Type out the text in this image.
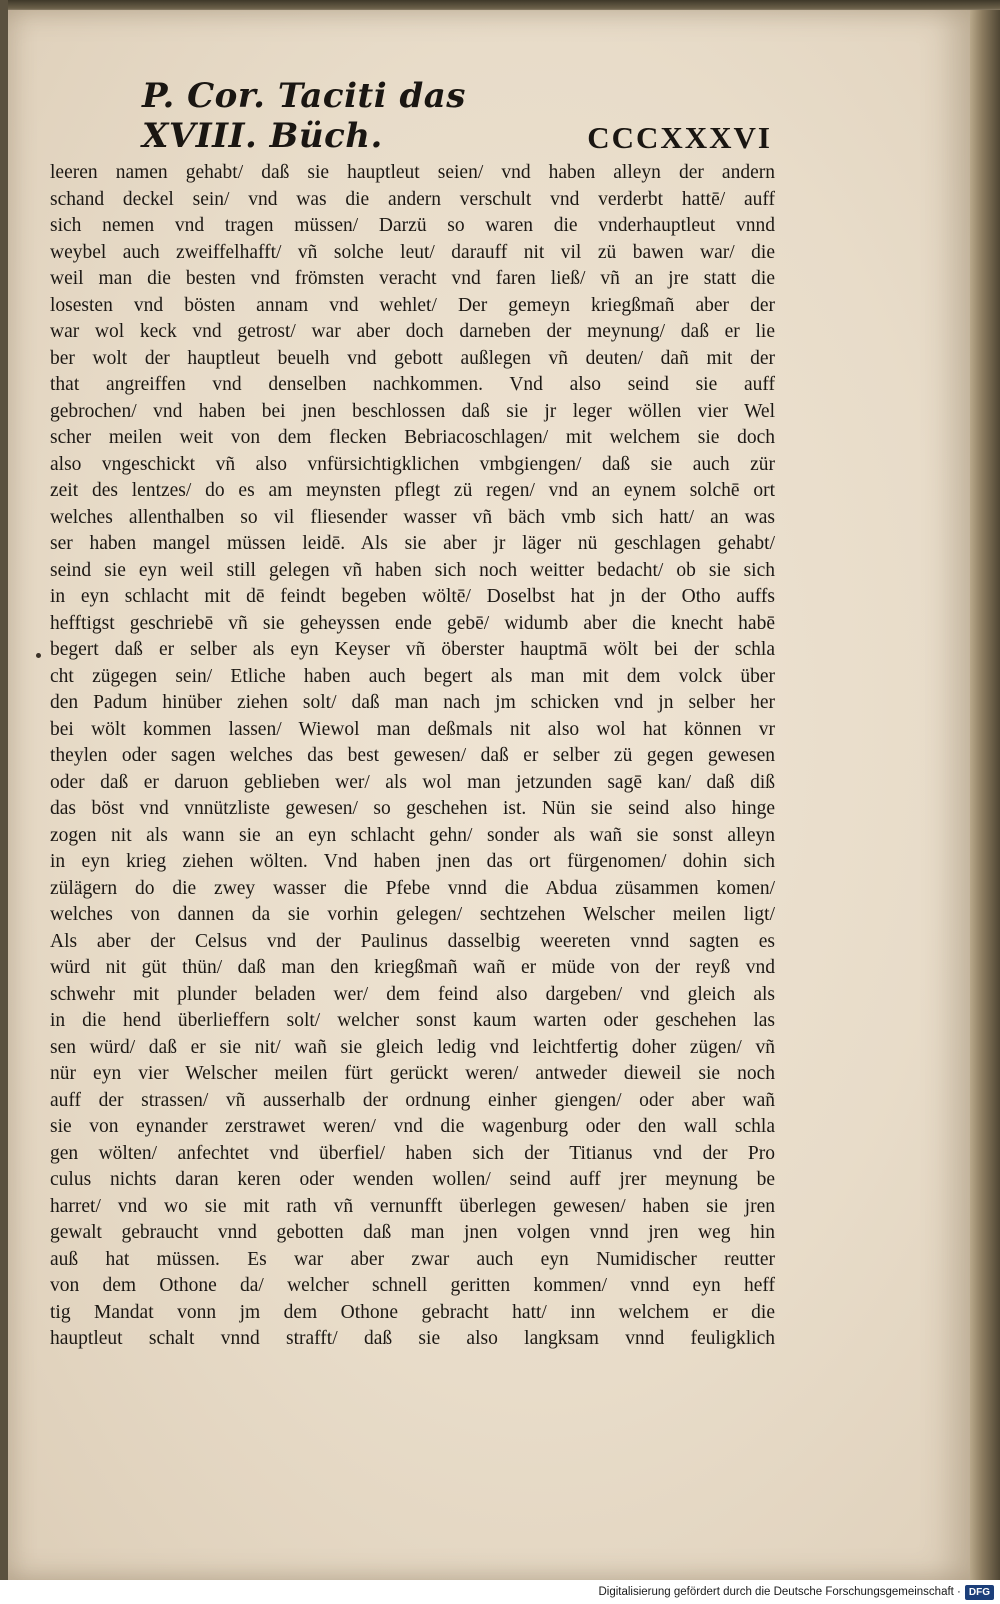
P. Cor. Taciti das XVIII. Büch.	CCCXXXVI
leeren namen gehabt/ daß sie hauptleut seien/ vnd haben alleyn der andern
schand deckel sein/ vnd was die andern verschult vnd verderbt hattē/ auff
sich nemen vnd tragen müssen/ Darzü so waren die vnderhauptleut vnnd
weybel auch zweiffelhafft/ vñ solche leut/ darauff nit vil zü bawen war/ die
weil man die besten vnd frömsten veracht vnd faren ließ/ vñ an jre statt die
losesten vnd bösten annam vnd wehlet/ Der gemeyn kriegßmañ aber der
war wol keck vnd getrost/ war aber doch darneben der meynung/ daß er lie
ber wolt der hauptleut beuelh vnd gebott außlegen vñ deuten/ dañ mit der
that angreiffen vnd denselben nachkommen. Vnd also seind sie auff
gebrochen/ vnd haben bei jnen beschlossen daß sie jr leger wöllen vier Wel
scher meilen weit von dem flecken Bebriacoschlagen/ mit welchem sie doch
also vngeschickt vñ also vnfürsichtigklichen vmbgiengen/ daß sie auch zür
zeit des lentzes/ do es am meynsten pflegt zü regen/ vnd an eynem solchē ort
welches allenthalben so vil fliesender wasser vñ bäch vmb sich hatt/ an was
ser haben mangel müssen leidē. Als sie aber jr läger nü geschlagen gehabt/
seind sie eyn weil still gelegen vñ haben sich noch weitter bedacht/ ob sie sich
in eyn schlacht mit dē feindt begeben wöltē/ Doselbst hat jn der Otho auffs
hefftigst geschriebē vñ sie geheyssen ende gebē/ widumb aber die knecht habē
begert daß er selber als eyn Keyser vñ öberster hauptmā wölt bei der schla
cht zügegen sein/ Etliche haben auch begert als man mit dem volck über
den Padum hinüber ziehen solt/ daß man nach jm schicken vnd jn selber her
bei wölt kommen lassen/ Wiewol man deßmals nit also wol hat können vr
theylen oder sagen welches das best gewesen/ daß er selber zü gegen gewesen
oder daß er daruon geblieben wer/ als wol man jetzunden sagē kan/ daß diß
das böst vnd vnnützliste gewesen/ so geschehen ist. Nün sie seind also hinge
zogen nit als wann sie an eyn schlacht gehn/ sonder als wañ sie sonst alleyn
in eyn krieg ziehen wölten. Vnd haben jnen das ort fürgenomen/ dohin sich
zülägern do die zwey wasser die Pfebe vnnd die Abdua züsammen komen/
welches von dannen da sie vorhin gelegen/ sechtzehen Welscher meilen ligt/
Als aber der Celsus vnd der Paulinus dasselbig weereten vnnd sagten es
würd nit güt thün/ daß man den kriegßmañ wañ er müde von der reyß vnd
schwehr mit plunder beladen wer/ dem feind also dargeben/ vnd gleich als
in die hend überlieffern solt/ welcher sonst kaum warten oder geschehen las
sen würd/ daß er sie nit/ wañ sie gleich ledig vnd leichtfertig doher zügen/ vñ
nür eyn vier Welscher meilen fürt gerückt weren/ antweder dieweil sie noch
auff der strassen/ vñ ausserhalb der ordnung einher giengen/ oder aber wañ
sie von eynander zerstrawet weren/ vnd die wagenburg oder den wall schla
gen wölten/ anfechtet vnd überfiel/ haben sich der Titianus vnd der Pro
culus nichts daran keren oder wenden wollen/ seind auff jrer meynung be
harret/ vnd wo sie mit rath vñ vernunfft überlegen gewesen/ haben sie jren
gewalt gebraucht vnnd gebotten daß man jnen volgen vnnd jren weg hin
auß hat müssen. Es war aber zwar auch eyn Numidischer reutter
von dem Othone da/ welcher schnell geritten kommen/ vnnd eyn heff
tig Mandat vonn jm dem Othone gebracht hatt/ inn welchem er die
hauptleut schalt vnnd strafft/ daß sie also langksam vnnd feuligklich
Digitalisierung gefördert durch die Deutsche Forschungsgemeinschaft · DFG
